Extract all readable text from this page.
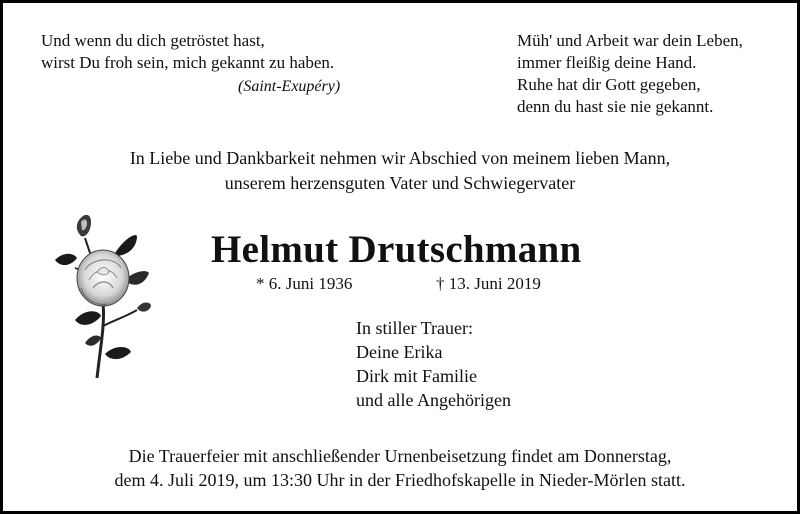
Und wenn du dich getröstet hast,
wirst Du froh sein, mich gekannt zu haben.
(Saint-Exupéry)
Müh' und Arbeit war dein Leben,
immer fleißig deine Hand.
Ruhe hat dir Gott gegeben,
denn du hast sie nie gekannt.
In Liebe und Dankbarkeit nehmen wir Abschied von meinem lieben Mann,
unserem herzensguten Vater und Schwiegervater
Helmut Drutschmann
* 6. Juni 1936	† 13. Juni 2019
In stiller Trauer:
Deine Erika
Dirk mit Familie
und alle Angehörigen
Die Trauerfeier mit anschließender Urnenbeisetzung findet am Donnerstag,
dem 4. Juli 2019, um 13:30 Uhr in der Friedhofskapelle in Nieder-Mörlen statt.
